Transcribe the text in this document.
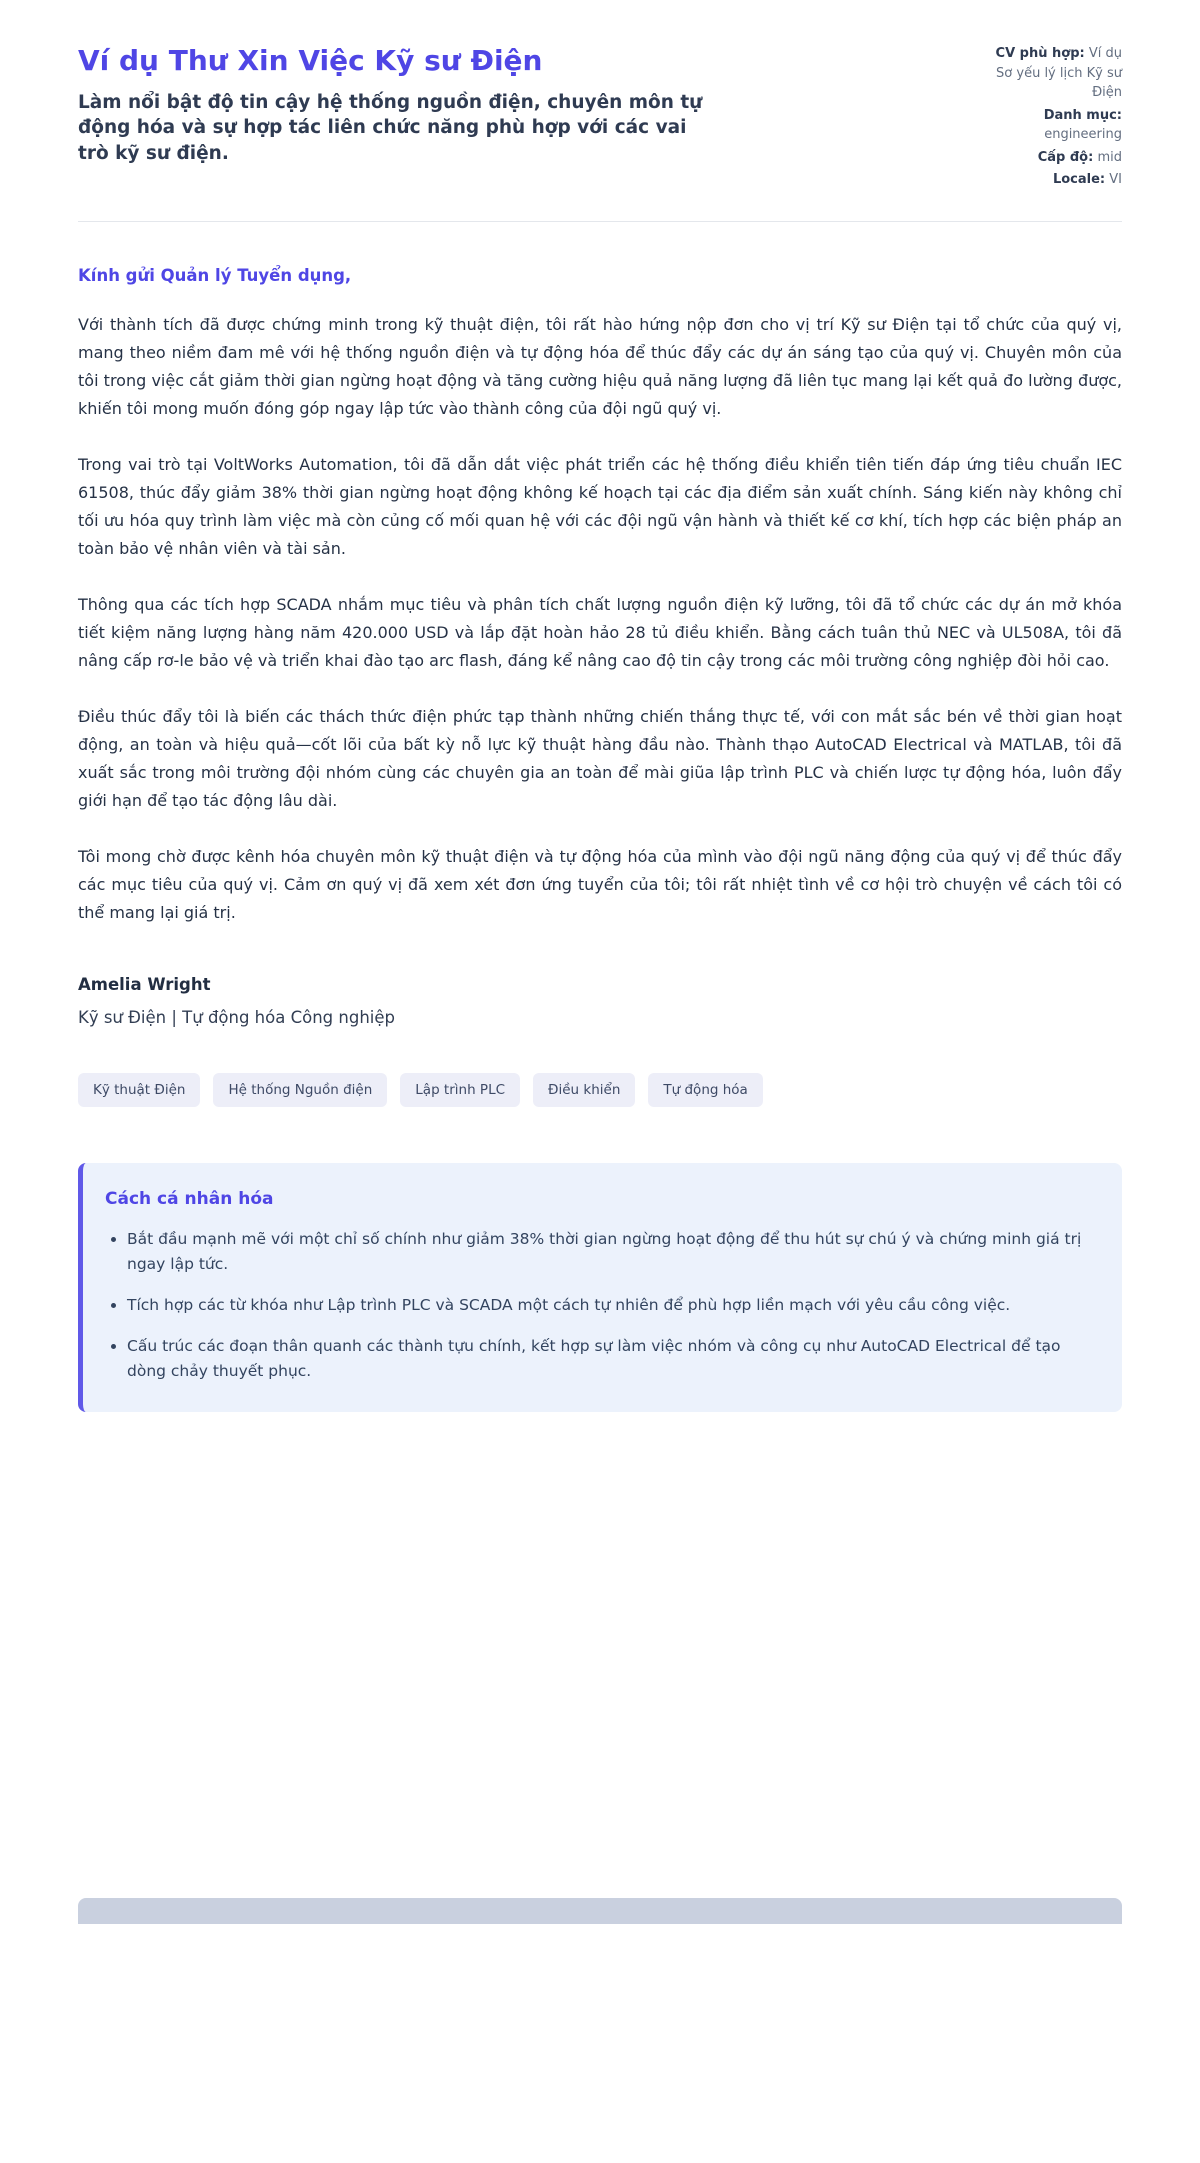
Ví dụ Thư Xin Việc Kỹ sư Điện

Làm nổi bật độ tin cậy hệ thống nguồn điện, chuyên môn tự động hóa và sự hợp tác liên chức năng phù hợp với các vai trò kỹ sư điện.

CV phù hợp: Ví dụ Sơ yếu lý lịch Kỹ sư Điện

Danh mục: engineering

Cấp độ: mid

Locale: VI

Kính gửi Quản lý Tuyển dụng,

Với thành tích đã được chứng minh trong kỹ thuật điện, tôi rất hào hứng nộp đơn cho vị trí Kỹ sư Điện tại tổ chức của quý vị, mang theo niềm đam mê với hệ thống nguồn điện và tự động hóa để thúc đẩy các dự án sáng tạo của quý vị. Chuyên môn của tôi trong việc cắt giảm thời gian ngừng hoạt động và tăng cường hiệu quả năng lượng đã liên tục mang lại kết quả đo lường được, khiến tôi mong muốn đóng góp ngay lập tức vào thành công của đội ngũ quý vị.

Trong vai trò tại VoltWorks Automation, tôi đã dẫn dắt việc phát triển các hệ thống điều khiển tiên tiến đáp ứng tiêu chuẩn IEC 61508, thúc đẩy giảm 38% thời gian ngừng hoạt động không kế hoạch tại các địa điểm sản xuất chính. Sáng kiến này không chỉ tối ưu hóa quy trình làm việc mà còn củng cố mối quan hệ với các đội ngũ vận hành và thiết kế cơ khí, tích hợp các biện pháp an toàn bảo vệ nhân viên và tài sản.

Thông qua các tích hợp SCADA nhắm mục tiêu và phân tích chất lượng nguồn điện kỹ lưỡng, tôi đã tổ chức các dự án mở khóa tiết kiệm năng lượng hàng năm 420.000 USD và lắp đặt hoàn hảo 28 tủ điều khiển. Bằng cách tuân thủ NEC và UL508A, tôi đã nâng cấp rơ-le bảo vệ và triển khai đào tạo arc flash, đáng kể nâng cao độ tin cậy trong các môi trường công nghiệp đòi hỏi cao.

Điều thúc đẩy tôi là biến các thách thức điện phức tạp thành những chiến thắng thực tế, với con mắt sắc bén về thời gian hoạt động, an toàn và hiệu quả—cốt lõi của bất kỳ nỗ lực kỹ thuật hàng đầu nào. Thành thạo AutoCAD Electrical và MATLAB, tôi đã xuất sắc trong môi trường đội nhóm cùng các chuyên gia an toàn để mài giũa lập trình PLC và chiến lược tự động hóa, luôn đẩy giới hạn để tạo tác động lâu dài.

Tôi mong chờ được kênh hóa chuyên môn kỹ thuật điện và tự động hóa của mình vào đội ngũ năng động của quý vị để thúc đẩy các mục tiêu của quý vị. Cảm ơn quý vị đã xem xét đơn ứng tuyển của tôi; tôi rất nhiệt tình về cơ hội trò chuyện về cách tôi có thể mang lại giá trị.

Amelia Wright

Kỹ sư Điện | Tự động hóa Công nghiệp

Kỹ thuật Điện	Hệ thống Nguồn điện	Lập trình PLC	Điều khiển	Tự động hóa
Cách cá nhân hóa
• Bắt đầu mạnh mẽ với một chỉ số chính như giảm 38% thời gian ngừng hoạt động để thu hút sự chú ý và chứng minh giá trị ngay lập tức.
• Tích hợp các từ khóa như Lập trình PLC và SCADA một cách tự nhiên để phù hợp liền mạch với yêu cầu công việc.
• Cấu trúc các đoạn thân quanh các thành tựu chính, kết hợp sự làm việc nhóm và công cụ như AutoCAD Electrical để tạo dòng chảy thuyết phục.
